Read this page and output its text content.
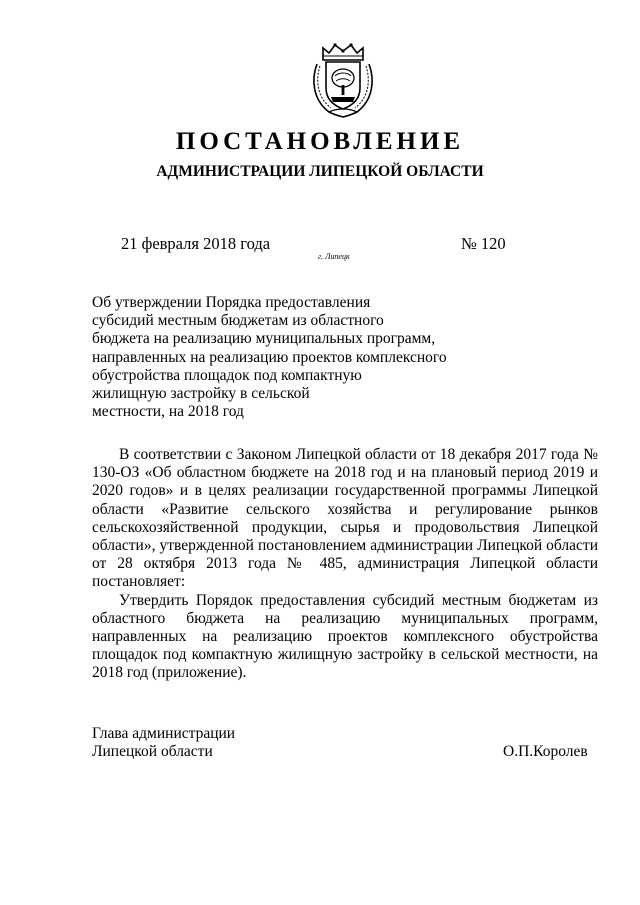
ПОСТАНОВЛЕНИЕ
АДМИНИСТРАЦИИ ЛИПЕЦКОЙ ОБЛАСТИ
21 февраля 2018 года	№ 120
г. Липецк
Об утверждении Порядка предоставления
субсидий местным бюджетам из областного
бюджета на реализацию муниципальных программ,
направленных на реализацию проектов комплексного
обустройства площадок под компактную
жилищную застройку в сельской
местности, на 2018 год
В соответствии с Законом Липецкой области от 18 декабря 2017 года №
130-ОЗ «Об областном бюджете на 2018 год и на плановый период 2019 и
2020 годов» и в целях реализации государственной программы Липецкой
области «Развитие сельского хозяйства и регулирование рынков
сельскохозяйственной продукции, сырья и продовольствия Липецкой
области», утвержденной постановлением администрации Липецкой области
от 28 октября 2013 года № 485, администрация Липецкой области
постановляет:
Утвердить Порядок предоставления субсидий местным бюджетам из
областного бюджета на реализацию муниципальных программ,
направленных на реализацию проектов комплексного обустройства
площадок под компактную жилищную застройку в сельской местности, на
2018 год (приложение).
Глава администрации
Липецкой области	О.П.Королев
